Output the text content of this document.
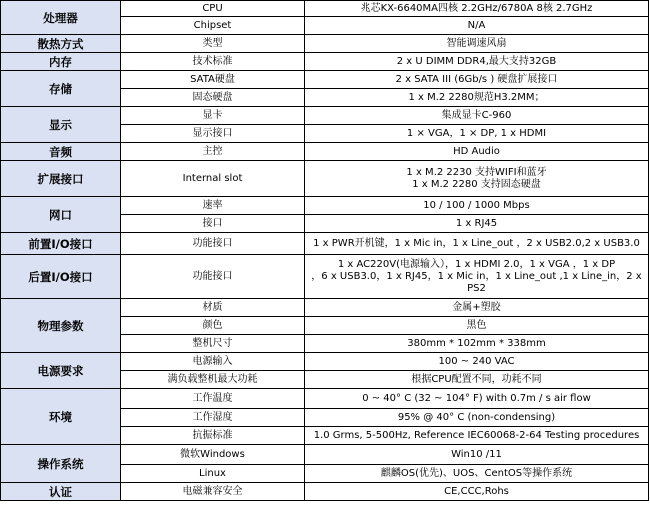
处理器	CPU	兆芯KX-6640MA四核 2.2GHz/6780A 8核 2.7GHz

	Chipset	N/A

散热方式	类型	智能调速风扇

内存	技术标准	2 x U DIMM DDR4,最大支持32GB

存储	SATA硬盘	2 x SATA III (6Gb/s ) 硬盘扩展接口

	固态硬盘	1 x M.2 2280规范H3.2MM；

显示	显卡	集成显卡C-960

	显示接口	1 × VGA，1 × DP, 1 x HDMI

音频	主控	HD Audio

扩展接口	Internal slot	1 x M.2 2230 支持WIFI和蓝牙
1 x M.2 2280 支持固态硬盘

网口	速率	10 / 100 / 1000 Mbps

	接口	1 x RJ45

前置I/O接口	功能接口	1 x PWR开机键，1 x Mic in，1 x Line_out ，2 x USB2.0,2 x USB3.0

后置I/O接口	功能接口	1 x AC220V(电源输入），1 x HDMI 2.0，1 x VGA ，1 x DP
，6 x USB3.0，1 x RJ45，1 x Mic in，1 x Line_out ,1 x Line_in，2 x
PS2

物理参数	材质	金属+塑胶

	颜色	黑色

	整机尺寸	380mm * 102mm * 338mm

电源要求	电源输入	100 ~ 240 VAC

	满负载整机最大功耗	根据CPU配置不同，功耗不同

环境	工作温度	0 ~ 40° C (32 ~ 104° F) with 0.7m / s air flow

	工作湿度	95% @ 40° C (non-condensing)

	抗振标准	1.0 Grms, 5-500Hz, Reference IEC60068-2-64 Testing procedures

操作系统	微软Windows	Win10 /11

	Linux	麒麟OS(优先)、UOS、CentOS等操作系统

认证	电磁兼容安全	CE,CCC,Rohs
